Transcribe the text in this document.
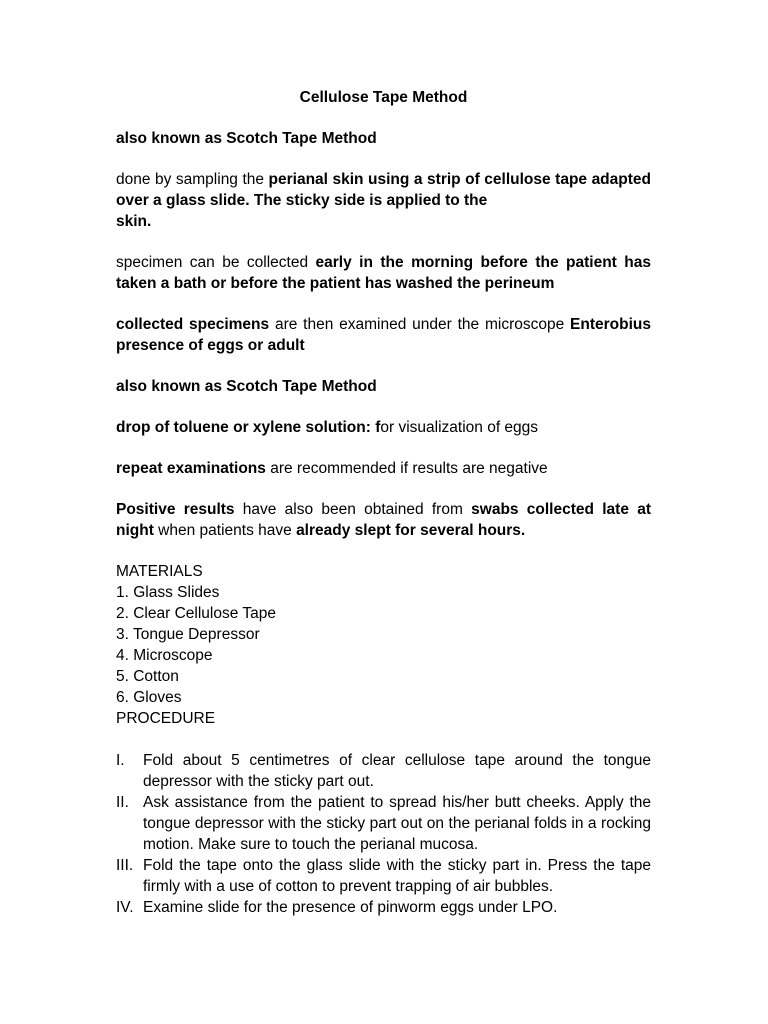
Cellulose Tape Method
also known as Scotch Tape Method
done by sampling the perianal skin using a strip of cellulose tape adapted over a glass slide. The sticky side is applied to the
skin.
specimen can be collected early in the morning before the patient has taken a bath or before the patient has washed the perineum
collected specimens are then examined under the microscope Enterobius presence of eggs or adult
also known as Scotch Tape Method
drop of toluene or xylene solution: for visualization of eggs
repeat examinations are recommended if results are negative
Positive results have also been obtained from swabs collected late at night when patients have already slept for several hours.
MATERIALS
1. Glass Slides
2. Clear Cellulose Tape
3. Tongue Depressor
4. Microscope
5. Cotton
6. Gloves
PROCEDURE
I. Fold about 5 centimetres of clear cellulose tape around the tongue depressor with the sticky part out.
II. Ask assistance from the patient to spread his/her butt cheeks. Apply the tongue depressor with the sticky part out on the perianal folds in a rocking motion. Make sure to touch the perianal mucosa.
III. Fold the tape onto the glass slide with the sticky part in. Press the tape firmly with a use of cotton to prevent trapping of air bubbles.
IV. Examine slide for the presence of pinworm eggs under LPO.
